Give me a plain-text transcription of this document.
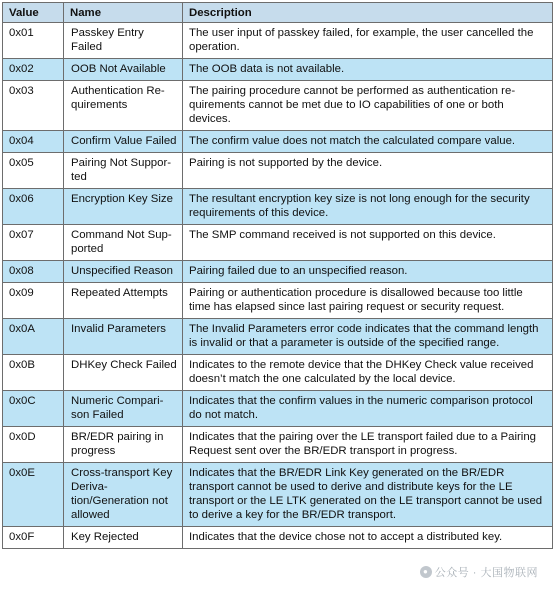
Value	Name	Description
0x01	Passkey Entry Failed	The user input of passkey failed, for example, the user cancelled the operation.
0x02	OOB Not Available	The OOB data is not available.
0x03	Authentication Requirements	The pairing procedure cannot be performed as authentication requirements cannot be met due to IO capabilities of one or both devices.
0x04	Confirm Value Failed	The confirm value does not match the calculated compare value.
0x05	Pairing Not Supported	Pairing is not supported by the device.
0x06	Encryption Key Size	The resultant encryption key size is not long enough for the security requirements of this device.
0x07	Command Not Supported	The SMP command received is not supported on this device.
0x08	Unspecified Reason	Pairing failed due to an unspecified reason.
0x09	Repeated Attempts	Pairing or authentication procedure is disallowed because too little time has elapsed since last pairing request or security request.
0x0A	Invalid Parameters	The Invalid Parameters error code indicates that the command length is invalid or that a parameter is outside of the specified range.
0x0B	DHKey Check Failed	Indicates to the remote device that the DHKey Check value received doesn’t match the one calculated by the local device.
0x0C	Numeric Comparison Failed	Indicates that the confirm values in the numeric comparison protocol do not match.
0x0D	BR/EDR pairing in progress	Indicates that the pairing over the LE transport failed due to a Pairing Request sent over the BR/EDR transport in progress.
0x0E	Cross-transport Key Derivation/Generation not allowed	Indicates that the BR/EDR Link Key generated on the BR/EDR transport cannot be used to derive and distribute keys for the LE transport or the LE LTK generated on the LE transport cannot be used to derive a key for the BR/EDR transport.
0x0F	Key Rejected	Indicates that the device chose not to accept a distributed key.
● 公众号 · 大国物联网
